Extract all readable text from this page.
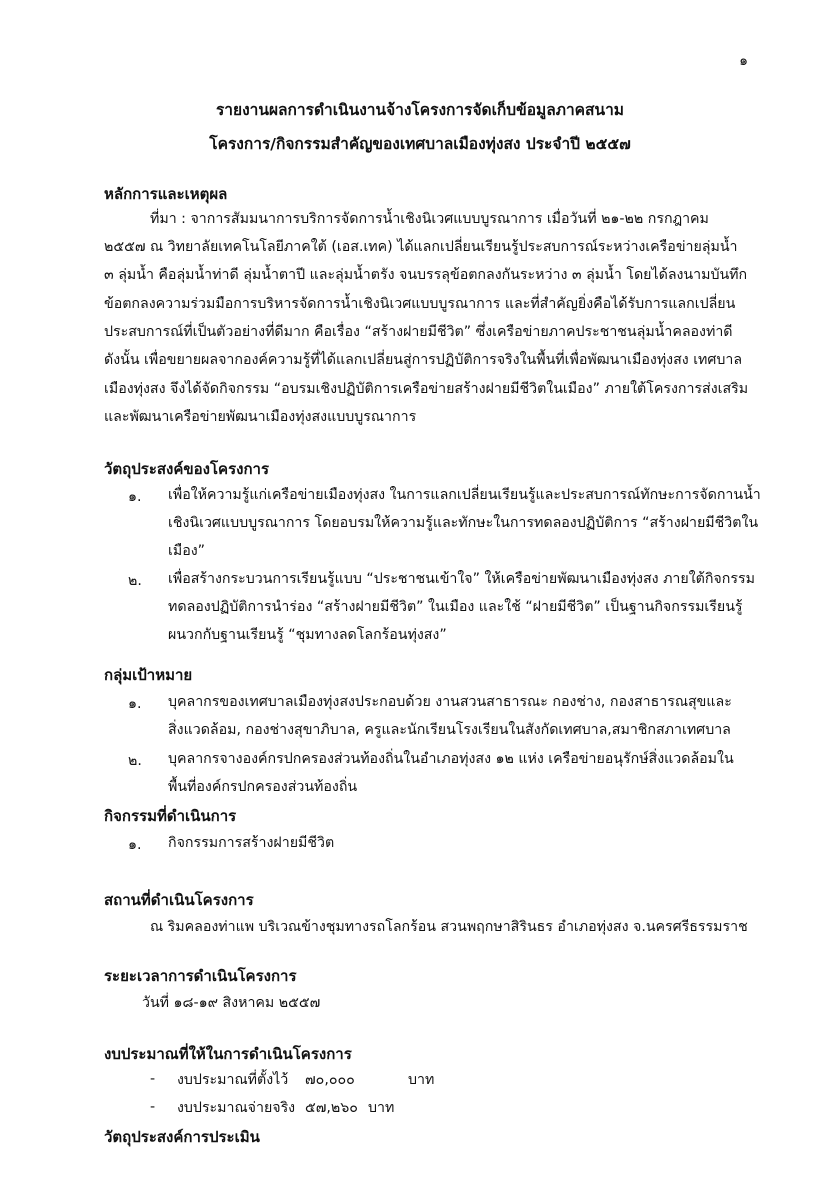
๑
รายงานผลการดำเนินงานจ้างโครงการจัดเก็บข้อมูลภาคสนาม
โครงการ/กิจกรรมสำคัญของเทศบาลเมืองทุ่งสง ประจำปี ๒๕๕๗
หลักการและเหตุผล
ที่มา : จาการสัมมนาการบริการจัดการน้ำเชิงนิเวศแบบบูรณาการ เมื่อวันที่ ๒๑-๒๒ กรกฎาคม
๒๕๕๗ ณ วิทยาลัยเทคโนโลยีภาคใต้ (เอส.เทค) ได้แลกเปลี่ยนเรียนรู้ประสบการณ์ระหว่างเครือข่ายลุ่มน้ำ
๓ ลุ่มน้ำ คือลุ่มน้ำท่าดี ลุ่มน้ำตาปี และลุ่มน้ำตรัง จนบรรลุข้อตกลงกันระหว่าง ๓ ลุ่มน้ำ โดยได้ลงนามบันทึก
ข้อตกลงความร่วมมือการบริหารจัดการน้ำเชิงนิเวศแบบบูรณาการ และที่สำคัญยิ่งคือได้รับการแลกเปลี่ยน
ประสบการณ์ที่เป็นตัวอย่างที่ดีมาก คือเรื่อง “สร้างฝายมีชีวิต” ซึ่งเครือข่ายภาคประชาชนลุ่มน้ำคลองท่าดี
ดังนั้น เพื่อขยายผลจากองค์ความรู้ที่ได้แลกเปลี่ยนสู่การปฏิบัติการจริงในพื้นที่เพื่อพัฒนาเมืองทุ่งสง เทศบาล
เมืองทุ่งสง จึงได้จัดกิจกรรม “อบรมเชิงปฏิบัติการเครือข่ายสร้างฝายมีชีวิตในเมือง” ภายใต้โครงการส่งเสริม
และพัฒนาเครือข่ายพัฒนาเมืองทุ่งสงแบบบูรณาการ
วัตถุประสงค์ของโครงการ
๑. เพื่อให้ความรู้แก่เครือข่ายเมืองทุ่งสง ในการแลกเปลี่ยนเรียนรู้และประสบการณ์ทักษะการจัดกานน้ำ
เชิงนิเวศแบบบูรณาการ โดยอบรมให้ความรู้และทักษะในการทดลองปฏิบัติการ “สร้างฝายมีชีวิตใน
เมือง”
๒. เพื่อสร้างกระบวนการเรียนรู้แบบ “ประชาชนเข้าใจ” ให้เครือข่ายพัฒนาเมืองทุ่งสง ภายใต้กิจกรรม
ทดลองปฏิบัติการนำร่อง “สร้างฝายมีชีวิต” ในเมือง และใช้ “ฝายมีชีวิต” เป็นฐานกิจกรรมเรียนรู้
ผนวกกับฐานเรียนรู้ “ชุมทางลดโลกร้อนทุ่งสง”
กลุ่มเป้าหมาย
๑. บุคลากรของเทศบาลเมืองทุ่งสงประกอบด้วย งานสวนสาธารณะ กองช่าง, กองสาธารณสุขและ
สิ่งแวดล้อม, กองช่างสุขาภิบาล, ครูและนักเรียนโรงเรียนในสังกัดเทศบาล,สมาชิกสภาเทศบาล
๒. บุคลากรจางองค์กรปกครองส่วนท้องถิ่นในอำเภอทุ่งสง ๑๒ แห่ง เครือข่ายอนุรักษ์สิ่งแวดล้อมใน
พื้นที่องค์กรปกครองส่วนท้องถิ่น
กิจกรรมที่ดำเนินการ
๑. กิจกรรมการสร้างฝายมีชีวิต
สถานที่ดำเนินโครงการ
ณ ริมคลองท่าแพ บริเวณข้างชุมทางรถโลกร้อน สวนพฤกษาสิรินธร อำเภอทุ่งสง จ.นครศรีธรรมราช
ระยะเวลาการดำเนินโครงการ
วันที่ ๑๘-๑๙ สิงหาคม ๒๕๕๗
งบประมาณที่ให้ในการดำเนินโครงการ
- งบประมาณที่ตั้งไว้ ๗๐,๐๐๐	บาท
- งบประมาณจ่ายจริง ๕๗,๒๖๐ บาท
วัตถุประสงค์การประเมิน
